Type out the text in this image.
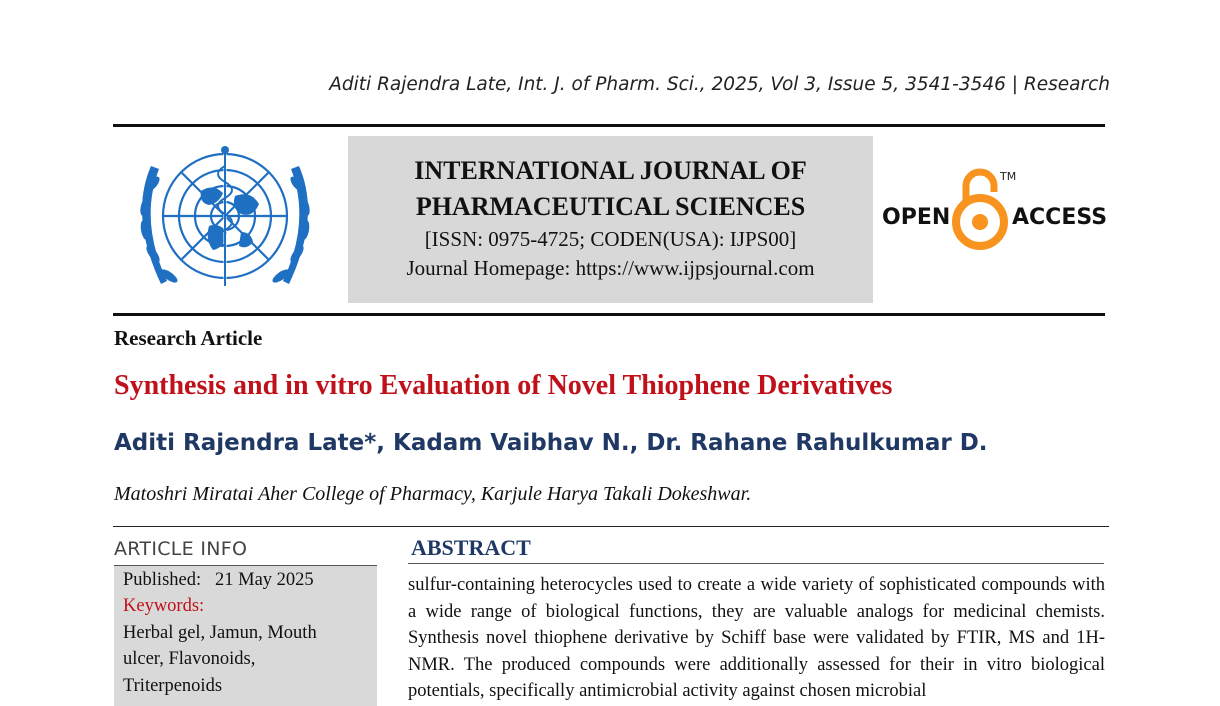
Aditi Rajendra Late, Int. J. of Pharm. Sci., 2025, Vol 3, Issue 5, 3541-3546 | Research
INTERNATIONAL JOURNAL OF
PHARMACEUTICAL SCIENCES
[ISSN: 0975-4725; CODEN(USA): IJPS00]
Journal Homepage: https://www.ijpsjournal.com
OPEN
TM
ACCESS
Research Article
Synthesis and in vitro Evaluation of Novel Thiophene Derivatives
Aditi Rajendra Late*, Kadam Vaibhav N., Dr. Rahane Rahulkumar D.
Matoshri Miratai Aher College of Pharmacy, Karjule Harya Takali Dokeshwar.
ARTICLE INFO
Published: 21 May 2025
Keywords:
Herbal gel, Jamun, Mouth
ulcer, Flavonoids,
Triterpenoids
ABSTRACT
sulfur-containing heterocycles used to create a wide variety of sophisticated compounds with a wide range of biological functions, they are valuable analogs for medicinal chemists. Synthesis novel thiophene derivative by Schiff base were validated by FTIR, MS and 1H-NMR. The produced compounds were additionally assessed for their in vitro biological potentials, specifically antimicrobial activity against chosen microbial
